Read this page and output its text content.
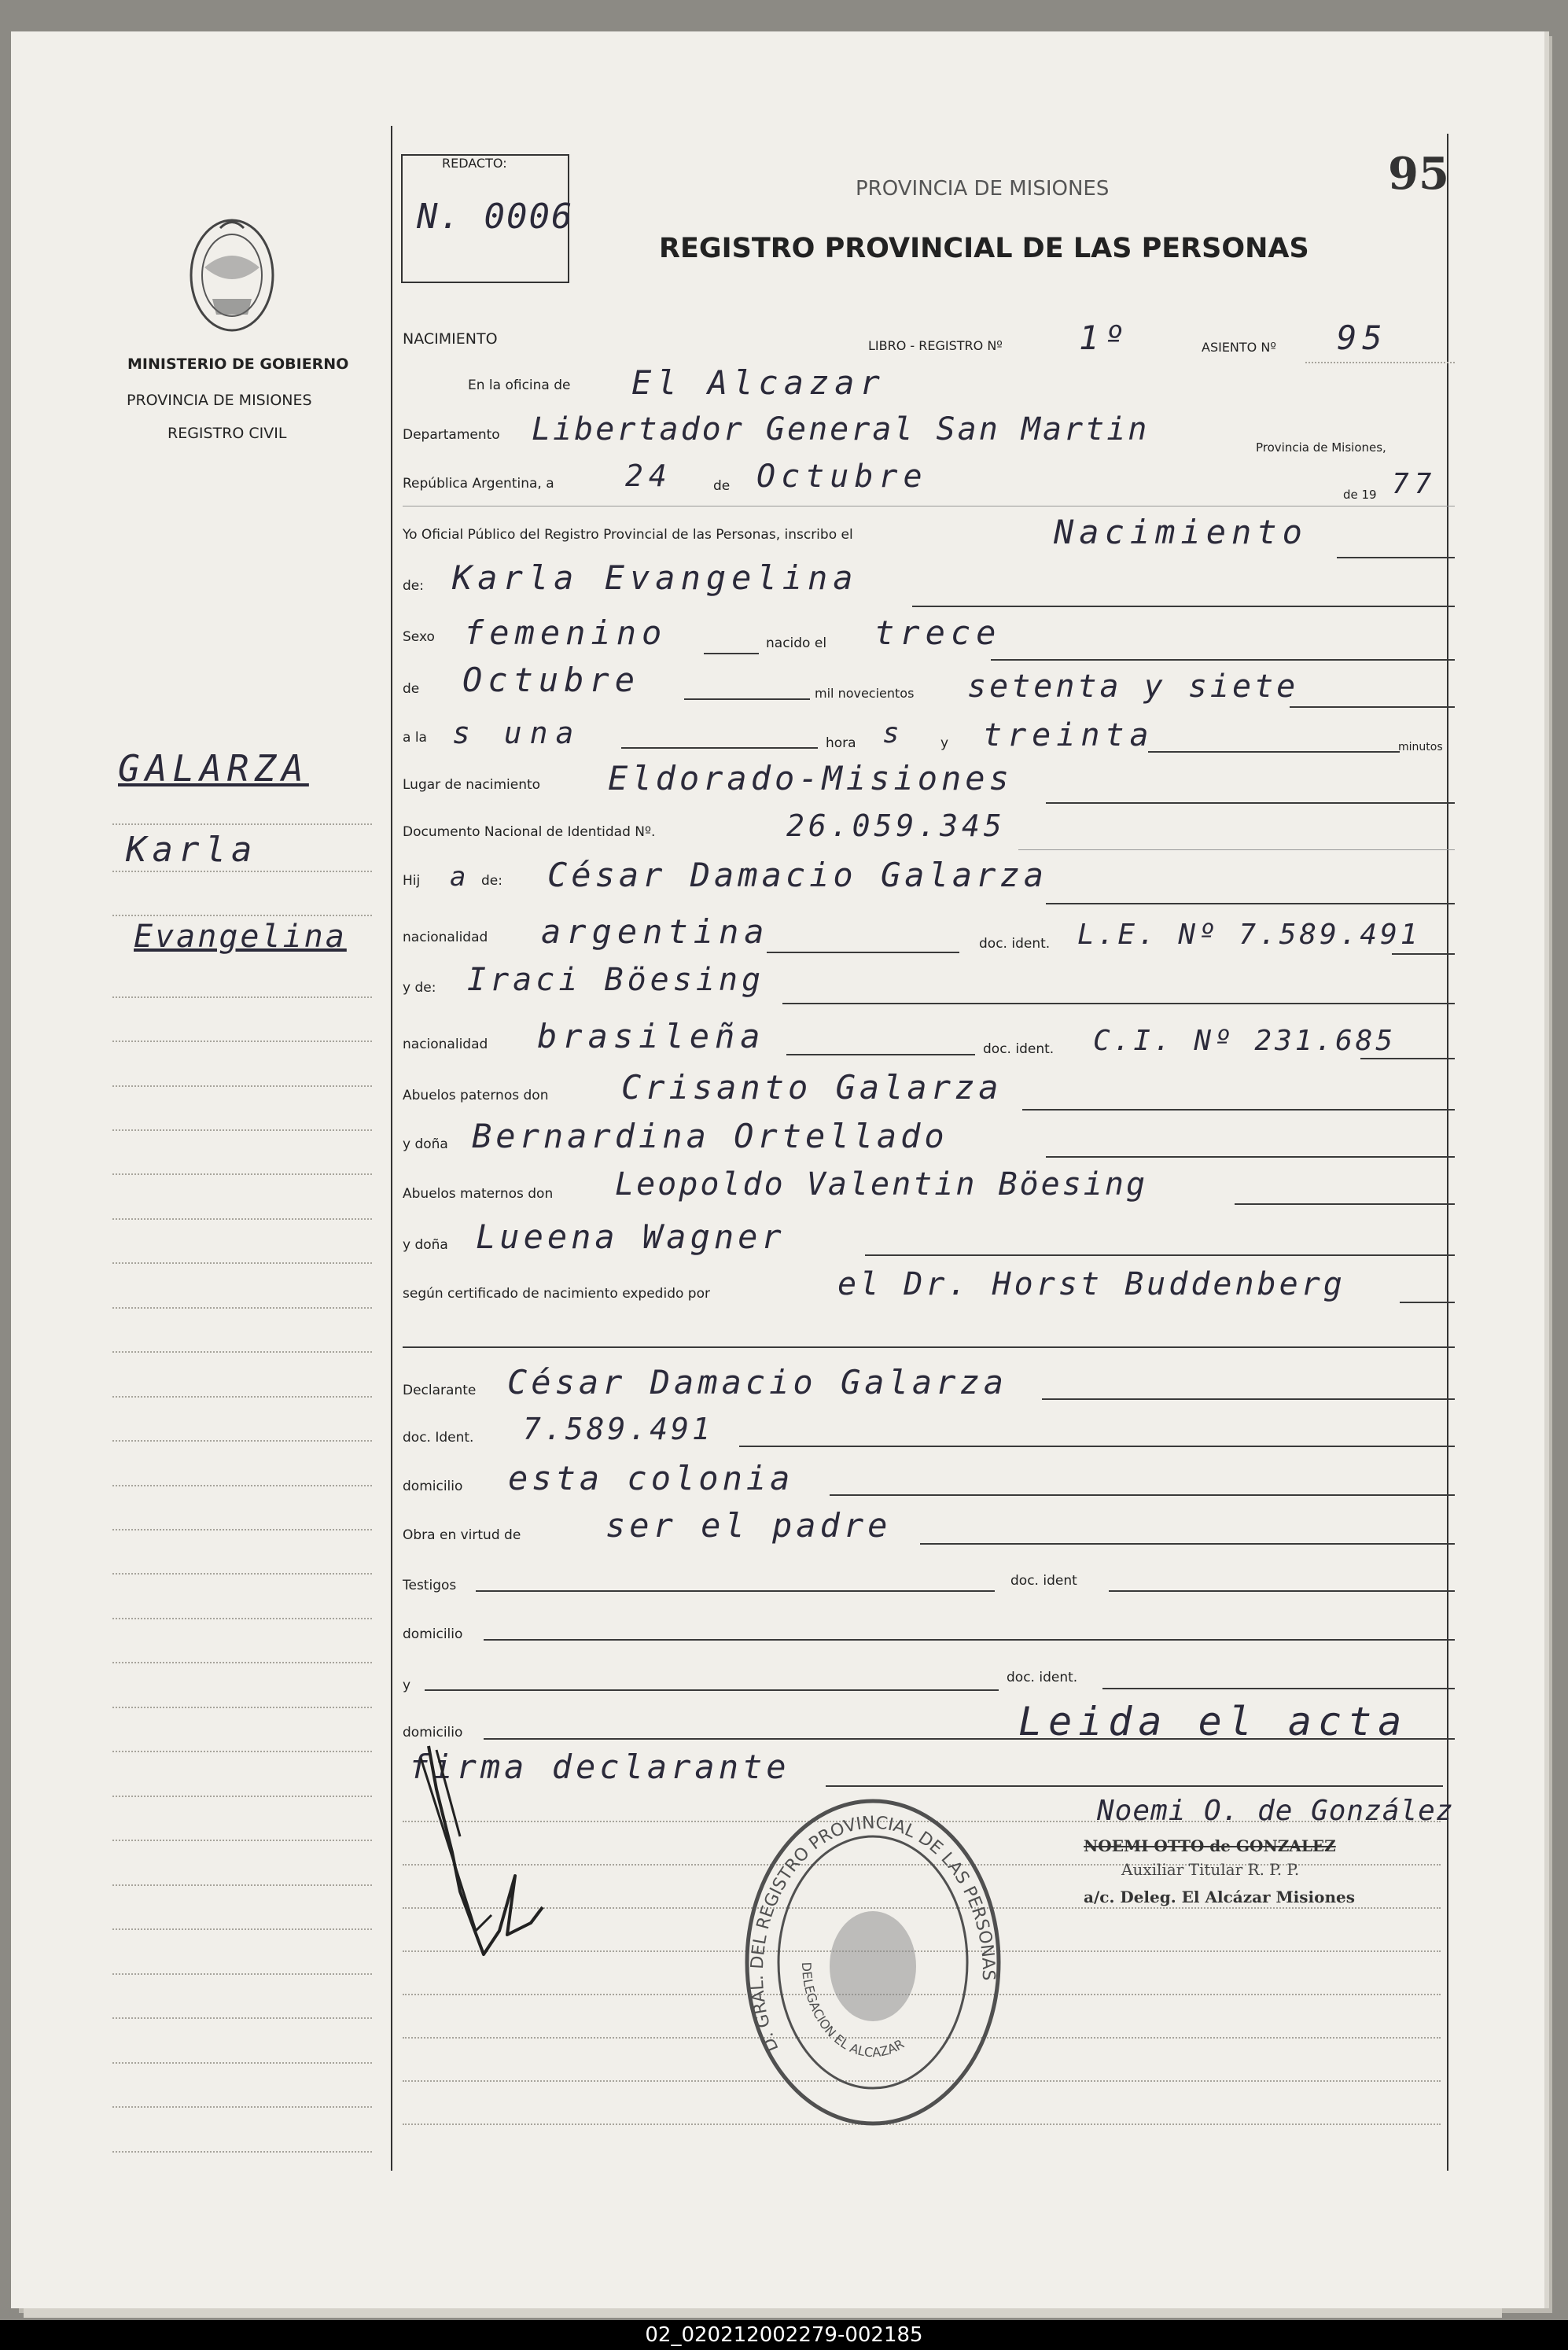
MINISTERIO DE GOBIERNO
PROVINCIA DE MISIONES
REGISTRO CIVIL
REDACTO:
N. 0006
PROVINCIA DE MISIONES
REGISTRO PROVINCIAL DE LAS PERSONAS
95
GALARZA
Karla
Evangelina
NACIMIENTO	LIBRO - REGISTRO Nº 1º	ASIENTO Nº 95
En la oficina de El Alcazar
Departamento Libertador General San Martin	Provincia de Misiones,
República Argentina, a 24	de Octubre	de 19 77
Yo Oficial Público del Registro Provincial de las Personas, inscribo el	Nacimiento
de: Karla Evangelina
Sexo femenino	nacido el trece
de Octubre	mil novecientos setenta y siete
a la s una	hora s	y treinta	minutos
Lugar de nacimiento Eldorado-Misiones
Documento Nacional de Identidad Nº.	26.059.345
Hij a de: César Damacio Galarza
nacionalidad argentina	doc. ident. L.E. Nº 7.589.491
y de: Iraci Böesing
nacionalidad brasileña	doc. ident. C.I. Nº 231.685
Abuelos paternos don Crisanto Galarza
y doña Bernardina Ortellado
Abuelos maternos don Leopoldo Valentin Böesing
y doña Lueena Wagner
según certificado de nacimiento expedido por	el Dr. Horst Buddenberg
Declarante César Damacio Galarza
doc. Ident. 7.589.491
domicilio esta colonia
Obra en virtud de	ser el padre
Testigos	doc. ident
domicilio
y	doc. ident.
domicilio	Leida el acta
firma declarante
D. GRAL. DEL REGISTRO PROVINCIAL DE LAS PERSONAS
DELEGACION EL ALCAZAR
Noemi O. de González
NOEMI OTTO de GONZALEZ
Auxiliar Titular R. P. P.
a/c. Deleg. El Alcázar Misiones
02_020212002279-002185
